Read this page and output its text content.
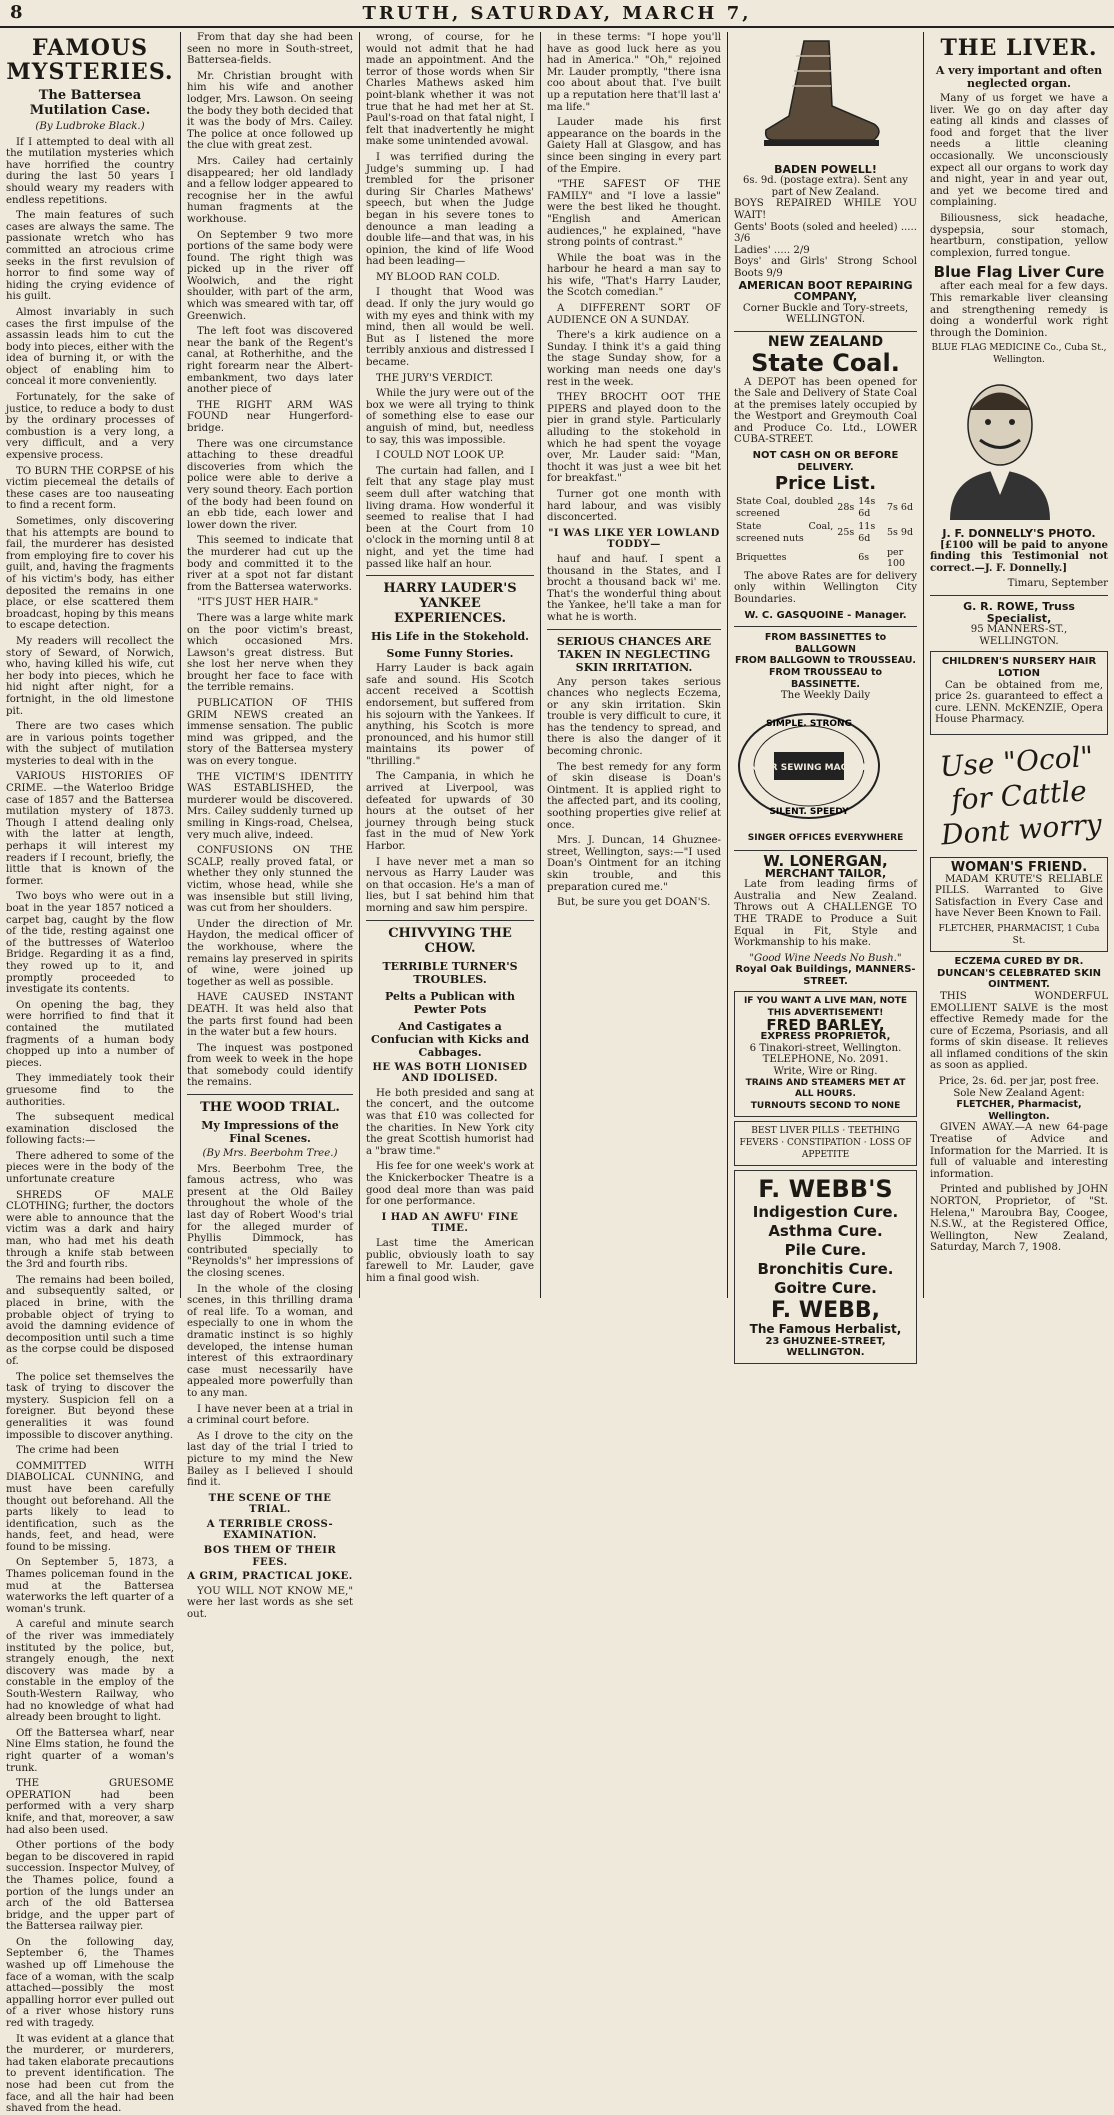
8	TRUTH, SATURDAY, MARCH 7,
FAMOUS MYSTERIES.
The Battersea Mutilation Case.
(By Ludbroke Black.)

If I attempted to deal with all the mutilation mysteries which have horrified the country during the last 50 years I should weary my readers with endless repetitions.

The main features of such cases are always the same. The passionate wretch who has committed an atrocious crime seeks in the first revulsion of horror to find some way of hiding the crying evidence of his guilt.

Almost invariably in such cases the first impulse of the assassin leads him to cut the body into pieces, either with the idea of burning it, or with the object of enabling him to conceal it more conveniently.

Fortunately, for the sake of justice, to reduce a body to dust by the ordinary processes of combustion is a very long, a very difficult, and a very expensive process.

TO BURN THE CORPSE of his victim piecemeal the details of these cases are too nauseating to find a recent form.

Sometimes, only discovering that his attempts are bound to fail, the murderer has desisted from employing fire to cover his guilt, and, having the fragments of his victim's body, has either deposited the remains in one place, or else scattered them broadcast, hoping by this means to escape detection.

My readers will recollect the story of Seward, of Norwich, who, having killed his wife, cut her body into pieces, which he hid night after night, for a fortnight, in the old limestone pit.

There are two cases which are in various points together with the subject of mutilation mysteries to deal with in the

VARIOUS HISTORIES OF CRIME. —the Waterloo Bridge case of 1857 and the Battersea mutilation mystery of 1873. Though I attend dealing only with the latter at length, perhaps it will interest my readers if I recount, briefly, the little that is known of the former.

Two boys who were out in a boat in the year 1857 noticed a carpet bag, caught by the flow of the tide, resting against one of the buttresses of Waterloo Bridge. Regarding it as a find, they rowed up to it, and promptly proceeded to investigate its contents.

On opening the bag, they were horrified to find that it contained the mutilated fragments of a human body chopped up into a number of pieces.

They immediately took their gruesome find to the authorities.

The subsequent medical examination disclosed the following facts:—

There adhered to some of the pieces were in the body of the unfortunate creature

SHREDS OF MALE CLOTHING; further, the doctors were able to announce that the victim was a dark and hairy man, who had met his death through a knife stab between the 3rd and fourth ribs.

The remains had been boiled, and subsequently salted, or placed in brine, with the probable object of trying to avoid the damning evidence of decomposition until such a time as the corpse could be disposed of.

The police set themselves the task of trying to discover the mystery. Suspicion fell on a foreigner. But beyond these generalities it was found impossible to discover anything.

The crime had been

COMMITTED WITH DIABOLICAL CUNNING, and must have been carefully thought out beforehand. All the parts likely to lead to identification, such as the hands, feet, and head, were found to be missing.

On September 5, 1873, a Thames policeman found in the mud at the Battersea waterworks the left quarter of a woman's trunk.

A careful and minute search of the river was immediately instituted by the police, but, strangely enough, the next discovery was made by a constable in the employ of the South-Western Railway, who had no knowledge of what had already been brought to light.

Off the Battersea wharf, near Nine Elms station, he found the right quarter of a woman's trunk.

THE GRUESOME OPERATION had been performed with a very sharp knife, and that, moreover, a saw had also been used.

Other portions of the body began to be discovered in rapid succession. Inspector Mulvey, of the Thames police, found a portion of the lungs under an arch of the old Battersea bridge, and the upper part of the Battersea railway pier.

On the following day, September 6, the Thames washed up off Limehouse the face of a woman, with the scalp attached—possibly the most appalling horror ever pulled out of a river whose history runs red with tragedy.

It was evident at a glance that the murderer, or murderers, had taken elaborate precautions to prevent identification. The nose had been cut from the face, and all the hair had been shaved from the head.

From that day she had been seen no more in South-street, Battersea-fields.

Mr. Christian brought with him his wife and another lodger, Mrs. Lawson. On seeing the body they both decided that it was the body of Mrs. Cailey. The police at once followed up the clue with great zest.

Mrs. Cailey had certainly disappeared; her old landlady and a fellow lodger appeared to recognise her in the awful human fragments at the workhouse.

On September 9 two more portions of the same body were found. The right thigh was picked up in the river off Woolwich, and the right shoulder, with part of the arm, which was smeared with tar, off Greenwich.

The left foot was discovered near the bank of the Regent's canal, at Rotherhithe, and the right forearm near the Albert-embankment, two days later another piece of

THE RIGHT ARM WAS FOUND near Hungerford-bridge.

There was one circumstance attaching to these dreadful discoveries from which the police were able to derive a very sound theory. Each portion of the body had been found on an ebb tide, each lower and lower down the river.

This seemed to indicate that the murderer had cut up the body and committed it to the river at a spot not far distant from the Battersea waterworks.

"IT'S JUST HER HAIR."

There was a large white mark on the poor victim's breast, which occasioned Mrs. Lawson's great distress. But she lost her nerve when they brought her face to face with the terrible remains.

PUBLICATION OF THIS GRIM NEWS created an immense sensation. The public mind was gripped, and the story of the Battersea mystery was on every tongue.

THE VICTIM'S IDENTITY WAS ESTABLISHED, the murderer would be discovered. Mrs. Cailey suddenly turned up smiling in Kings-road, Chelsea, very much alive, indeed.

CONFUSIONS ON THE SCALP, really proved fatal, or whether they only stunned the victim, whose head, while she was insensible but still living, was cut from her shoulders.

Under the direction of Mr. Haydon, the medical officer of the workhouse, where the remains lay preserved in spirits of wine, were joined up together as well as possible.

HAVE CAUSED INSTANT DEATH. It was held also that the parts first found had been in the water but a few hours.

The inquest was postponed from week to week in the hope that somebody could identify the remains.

THE WOOD TRIAL.
My Impressions of the Final Scenes.
(By Mrs. Beerbohm Tree.)

Mrs. Beerbohm Tree, the famous actress, who was present at the Old Bailey throughout the whole of the last day of Robert Wood's trial for the alleged murder of Phyllis Dimmock, has contributed specially to "Reynolds's" her impressions of the closing scenes.

In the whole of the closing scenes, in this thrilling drama of real life. To a woman, and especially to one in whom the dramatic instinct is so highly developed, the intense human interest of this extraordinary case must necessarily have appealed more powerfully than to any man.

I have never been at a trial in a criminal court before.

As I drove to the city on the last day of the trial I tried to picture to my mind the New Bailey as I believed I should find it.

THE SCENE OF THE TRIAL.
A TERRIBLE CROSS-EXAMINATION.
BOS THEM OF THEIR FEES.
A GRIM, PRACTICAL JOKE.

YOU WILL NOT KNOW ME," were her last words as she set out.

wrong, of course, for he would not admit that he had made an appointment. And the terror of those words when Sir Charles Mathews asked him point-blank whether it was not true that he had met her at St. Paul's-road on that fatal night, I felt that inadvertently he might make some unintended avowal.

I was terrified during the Judge's summing up. I had trembled for the prisoner during Sir Charles Mathews' speech, but when the Judge began in his severe tones to denounce a man leading a double life—and that was, in his opinion, the kind of life Wood had been leading—

MY BLOOD RAN COLD.

I thought that Wood was dead. If only the jury would go with my eyes and think with my mind, then all would be well. But as I listened the more terribly anxious and distressed I became.

THE JURY'S VERDICT.

While the jury were out of the box we were all trying to think of something else to ease our anguish of mind, but, needless to say, this was impossible.

I COULD NOT LOOK UP.

The curtain had fallen, and I felt that any stage play must seem dull after watching that living drama. How wonderful it seemed to realise that I had been at the Court from 10 o'clock in the morning until 8 at night, and yet the time had passed like half an hour.

HARRY LAUDER'S YANKEE EXPERIENCES.
His Life in the Stokehold.
Some Funny Stories.

Harry Lauder is back again safe and sound. His Scotch accent received a Scottish endorsement, but suffered from his sojourn with the Yankees. If anything, his Scotch is more pronounced, and his humor still maintains its power of "thrilling."

The Campania, in which he arrived at Liverpool, was defeated for upwards of 30 hours at the outset of her journey through being stuck fast in the mud of New York Harbor.

I have never met a man so nervous as Harry Lauder was on that occasion. He's a man of lies, but I sat behind him that morning and saw him perspire.

CHIVVYING THE CHOW.
TERRIBLE TURNER'S TROUBLES.
Pelts a Publican with Pewter Pots
And Castigates a Confucian with Kicks and Cabbages.
HE WAS BOTH LIONISED AND IDOLISED.

He both presided and sang at the concert, and the outcome was that £10 was collected for the charities. In New York city the great Scottish humorist had a "braw time."

His fee for one week's work at the Knickerbocker Theatre is a good deal more than was paid for one performance.

I HAD AN AWFU' FINE TIME.

Last time the American public, obviously loath to say farewell to Mr. Lauder, gave him a final good wish.

in these terms: "I hope you'll have as good luck here as you had in America." "Oh," rejoined Mr. Lauder promptly, "there isna coo about about that. I've built up a reputation here that'll last a' ma life."

Lauder made his first appearance on the boards in the Gaiety Hall at Glasgow, and has since been singing in every part of the Empire.

"THE SAFEST OF THE FAMILY" and "I love a lassie" were the best liked he thought. "English and American audiences," he explained, "have strong points of contrast."

While the boat was in the harbour he heard a man say to his wife, "That's Harry Lauder, the Scotch comedian."

A DIFFERENT SORT OF AUDIENCE ON A SUNDAY.

There's a kirk audience on a Sunday. I think it's a gaid thing the stage Sunday show, for a working man needs one day's rest in the week.

THEY BROCHT OOT THE PIPERS and played doon to the pier in grand style. Particularly alluding to the stokehold in which he had spent the voyage over, Mr. Lauder said: "Man, thocht it was just a wee bit het for breakfast."

Turner got one month with hard labour, and was visibly disconcerted.

"I WAS LIKE YER LOWLAND TODDY—

hauf and hauf. I spent a thousand in the States, and I brocht a thousand back wi' me. That's the wonderful thing about the Yankee, he'll take a man for what he is worth.

SERIOUS CHANCES ARE TAKEN IN NEGLECTING SKIN IRRITATION.

Any person takes serious chances who neglects Eczema, or any skin irritation. Skin trouble is very difficult to cure, it has the tendency to spread, and there is also the danger of it becoming chronic.

The best remedy for any form of skin disease is Doan's Ointment. It is applied right to the affected part, and its cooling, soothing properties give relief at once.

Mrs. J. Duncan, 14 Ghuznee-street, Wellington, says:—"I used Doan's Ointment for an itching skin trouble, and this preparation cured me."

But, be sure you get DOAN'S.

BADEN POWELL!
6s. 9d. (postage extra). Sent any part of New Zealand.
BOYS REPAIRED WHILE YOU WAIT!
Gents' Boots (soled and heeled) ..... 3/6
Ladies' ..... 2/9
Boys' and Girls' Strong School Boots 9/9
AMERICAN BOOT REPAIRING COMPANY,
Corner Buckle and Tory-streets, WELLINGTON.
NEW ZEALAND
State Coal.

A DEPOT has been opened for the Sale and Delivery of State Coal at the premises lately occupied by the Westport and Greymouth Coal and Produce Co. Ltd., LOWER CUBA-STREET.

NOT CASH ON OR BEFORE DELIVERY.
Price List.
State Coal, doubled screened	28s	14s 6d	7s 6d
State Coal, screened nuts	25s	11s 6d	5s 9d
Briquettes		6s	per 100

The above Rates are for delivery only within Wellington City Boundaries.

W. C. GASQUOINE - Manager.
FROM BASSINETTES to BALLGOWN
FROM BALLGOWN to TROUSSEAU.
FROM TROUSSEAU to BASSINETTE.
The Weekly Daily
SIMPLE. STRONG
SINGER SEWING MACHINES
SILENT. SPEEDY
SINGER OFFICES EVERYWHERE
W. LONERGAN,
MERCHANT TAILOR,

Late from leading firms of Australia and New Zealand. Throws out A CHALLENGE TO THE TRADE to Produce a Suit Equal in Fit, Style and Workmanship to his make.

"Good Wine Needs No Bush."
Royal Oak Buildings, MANNERS-STREET.
IF YOU WANT A LIVE MAN, NOTE THIS ADVERTISEMENT!
FRED BARLEY,
EXPRESS PROPRIETOR,
6 Tinakori-street, Wellington.
TELEPHONE, No. 2091.
Write, Wire or Ring.
TRAINS AND STEAMERS MET AT ALL HOURS.
TURNOUTS SECOND TO NONE
BEST LIVER PILLS · TEETHING FEVERS · CONSTIPATION · LOSS OF APPETITE
F. WEBB'S
Indigestion Cure.
Asthma Cure.
Pile Cure.
Bronchitis Cure.
Goitre Cure.
F. WEBB,
The Famous Herbalist,
23 GHUZNEE-STREET,
WELLINGTON.
THE LIVER.
A very important and often neglected organ.

Many of us forget we have a liver. We go on day after day eating all kinds and classes of food and forget that the liver needs a little cleaning occasionally. We unconsciously expect all our organs to work day and night, year in and year out, and yet we become tired and complaining.

Biliousness, sick headache, dyspepsia, sour stomach, heartburn, constipation, yellow complexion, furred tongue.

Blue Flag Liver Cure

after each meal for a few days. This remarkable liver cleansing and strengthening remedy is doing a wonderful work right through the Dominion.

BLUE FLAG MEDICINE Co., Cuba St., Wellington.
J. F. DONNELLY'S PHOTO.

[£100 will be paid to anyone finding this Testimonial not correct.—J. F. Donnelly.]

Timaru, September
G. R. ROWE, Truss Specialist,
95 MANNERS-ST., WELLINGTON.
CHILDREN'S NURSERY HAIR LOTION

Can be obtained from me, price 2s. guaranteed to effect a cure. LENN. McKENZIE, Opera House Pharmacy.

Use "Ocol" for Cattle Dont worry
WOMAN'S FRIEND.

MADAM KRUTE'S RELIABLE PILLS. Warranted to Give Satisfaction in Every Case and have Never Been Known to Fail.

FLETCHER, PHARMACIST, 1 Cuba St.
ECZEMA CURED BY DR. DUNCAN'S CELEBRATED SKIN OINTMENT.

THIS WONDERFUL EMOLLIENT SALVE is the most effective Remedy made for the cure of Eczema, Psoriasis, and all forms of skin disease. It relieves all inflamed conditions of the skin as soon as applied.

Price, 2s. 6d. per jar, post free. Sole New Zealand Agent:
FLETCHER, Pharmacist, Wellington.

GIVEN AWAY.—A new 64-page Treatise of Advice and Information for the Married. It is full of valuable and interesting information.

Printed and published by JOHN NORTON, Proprietor, of "St. Helena," Maroubra Bay, Coogee, N.S.W., at the Registered Office, Wellington, New Zealand, Saturday, March 7, 1908.
